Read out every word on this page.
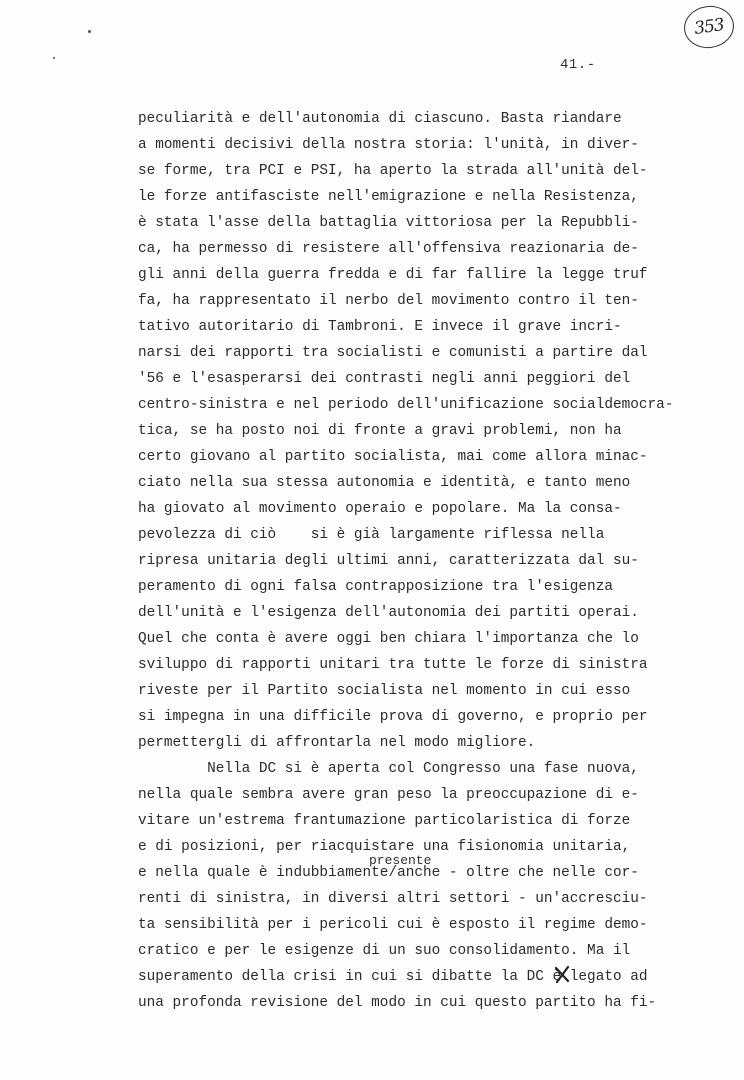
353
41.-
peculiarità e dell'autonomia di ciascuno. Basta riandare
a momenti decisivi della nostra storia: l'unità, in diver-
se forme, tra PCI e PSI, ha aperto la strada all'unità del-
le forze antifasciste nell'emigrazione e nella Resistenza,
è stata l'asse della battaglia vittoriosa per la Repubbli-
ca, ha permesso di resistere all'offensiva reazionaria de-
gli anni della guerra fredda e di far fallire la legge truf
fa, ha rappresentato il nerbo del movimento contro il ten-
tativo autoritario di Tambroni. E invece il grave incri-
narsi dei rapporti tra socialisti e comunisti a partire dal
'56 e l'esasperarsi dei contrasti negli anni peggiori del
centro-sinistra e nel periodo dell'unificazione socialdemocra-
tica, se ha posto noi di fronte a gravi problemi, non ha
certo giovano al partito socialista, mai come allora minac-
ciato nella sua stessa autonomia e identità, e tanto meno
ha giovato al movimento operaio e popolare. Ma la consa-
pevolezza di ciò    si è già largamente riflessa nella
ripresa unitaria degli ultimi anni, caratterizzata dal su-
peramento di ogni falsa contrapposizione tra l'esigenza
dell'unità e l'esigenza dell'autonomia dei partiti operai.
Quel che conta è avere oggi ben chiara l'importanza che lo
sviluppo di rapporti unitari tra tutte le forze di sinistra
riveste per il Partito socialista nel momento in cui esso
si impegna in una difficile prova di governo, e proprio per
permettergli di affrontarla nel modo migliore.
Nella DC si è aperta col Congresso una fase nuova,
nella quale sembra avere gran peso la preoccupazione di e-
vitare un'estrema frantumazione particolaristica di forze
e di posizioni, per riacquistare una fisionomia unitaria,
e nella quale è indubbiamente/anche - oltre che nelle cor-
renti di sinistra, in diversi altri settori - un'accresciu-
ta sensibilità per i pericoli cui è esposto il regime demo-
cratico e per le esigenze di un suo consolidamento. Ma il
superamento della crisi in cui si dibatte la DC è legato ad
una profonda revisione del modo in cui questo partito ha fi-
presente
